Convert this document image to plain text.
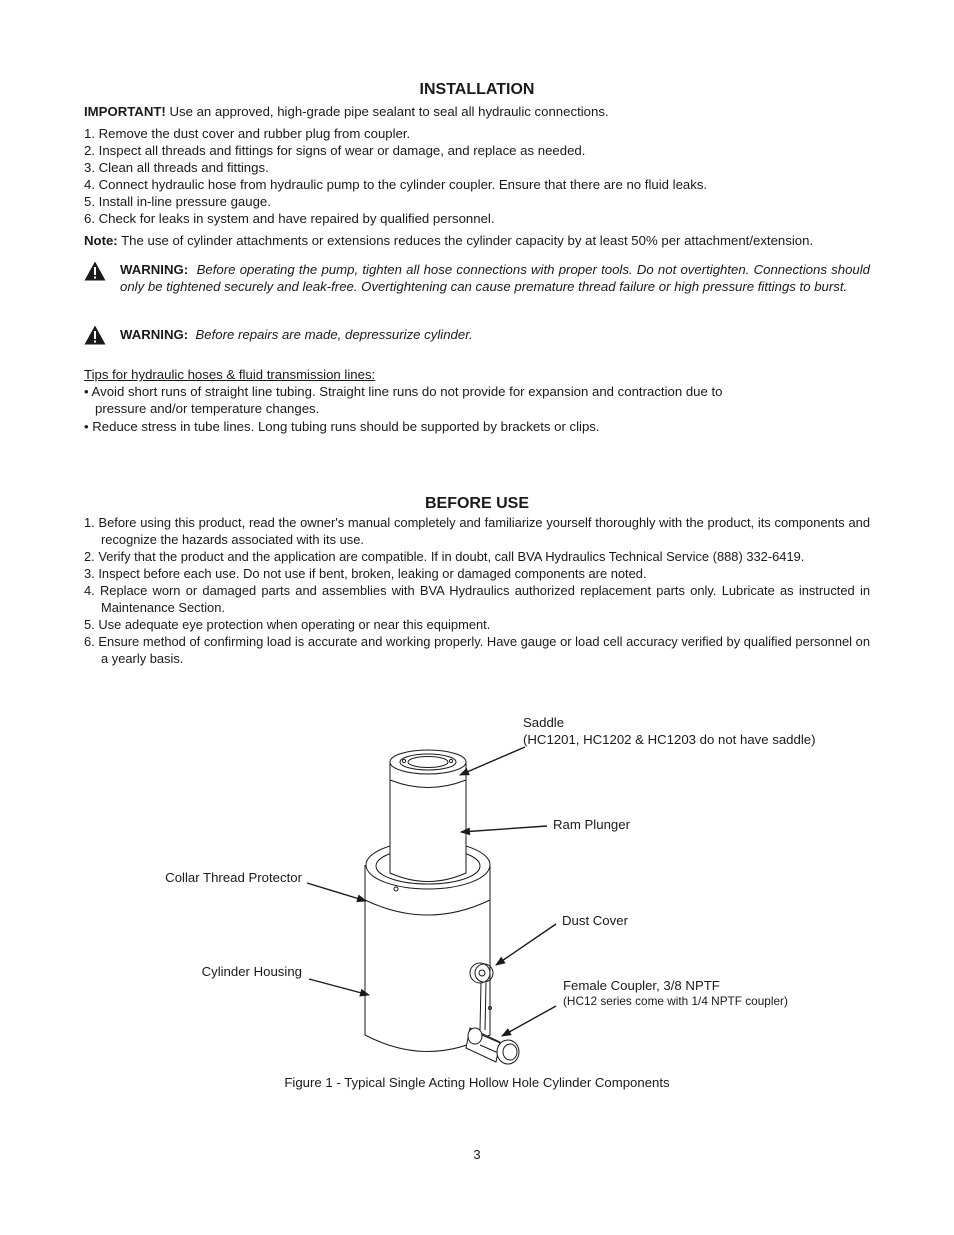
INSTALLATION
IMPORTANT! Use an approved, high-grade pipe sealant to seal all hydraulic connections.
1. Remove the dust cover and rubber plug from coupler.
2. Inspect all threads and fittings for signs of wear or damage, and replace as needed.
3. Clean all threads and fittings.
4. Connect hydraulic hose from hydraulic pump to the cylinder coupler. Ensure that there are no fluid leaks.
5. Install in-line pressure gauge.
6. Check for leaks in system and have repaired by qualified personnel.
Note: The use of cylinder attachments or extensions reduces the cylinder capacity by at least 50% per attachment/extension.
WARNING: Before operating the pump, tighten all hose connections with proper tools. Do not overtighten. Connections should only be tightened securely and leak-free. Overtightening can cause premature thread failure or high pressure fittings to burst.
WARNING: Before repairs are made, depressurize cylinder.
Tips for hydraulic hoses & fluid transmission lines:
• Avoid short runs of straight line tubing. Straight line runs do not provide for expansion and contraction due to
pressure and/or temperature changes.
• Reduce stress in tube lines. Long tubing runs should be supported by brackets or clips.
BEFORE USE
1. Before using this product, read the owner's manual completely and familiarize yourself thoroughly with the product, its components and recognize the hazards associated with its use.
2. Verify that the product and the application are compatible. If in doubt, call BVA Hydraulics Technical Service (888) 332-6419.
3. Inspect before each use. Do not use if bent, broken, leaking or damaged components are noted.
4. Replace worn or damaged parts and assemblies with BVA Hydraulics authorized replacement parts only. Lubricate as instructed in Maintenance Section.
5. Use adequate eye protection when operating or near this equipment.
6. Ensure method of confirming load is accurate and working properly. Have gauge or load cell accuracy verified by qualified personnel on a yearly basis.
Saddle
(HC1201, HC1202 & HC1203 do not have saddle)
Ram Plunger
Collar Thread Protector
Dust Cover
Cylinder Housing
Female Coupler, 3/8 NPTF
(HC12 series come with 1/4 NPTF coupler)
Figure 1 - Typical Single Acting Hollow Hole Cylinder Components
3
